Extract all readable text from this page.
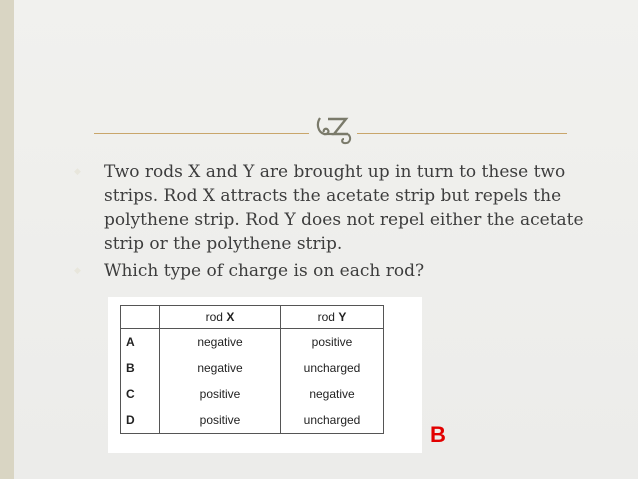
◆ Two rods X and Y are brought up in turn to these two strips. Rod X attracts the acetate strip but repels the polythene strip. Rod Y does not repel either the acetate strip or the polythene strip.
◆ Which type of charge is on each rod?
	rod X	rod Y
A	negative	positive
B	negative	uncharged
C	positive	negative
D	positive	uncharged
B
